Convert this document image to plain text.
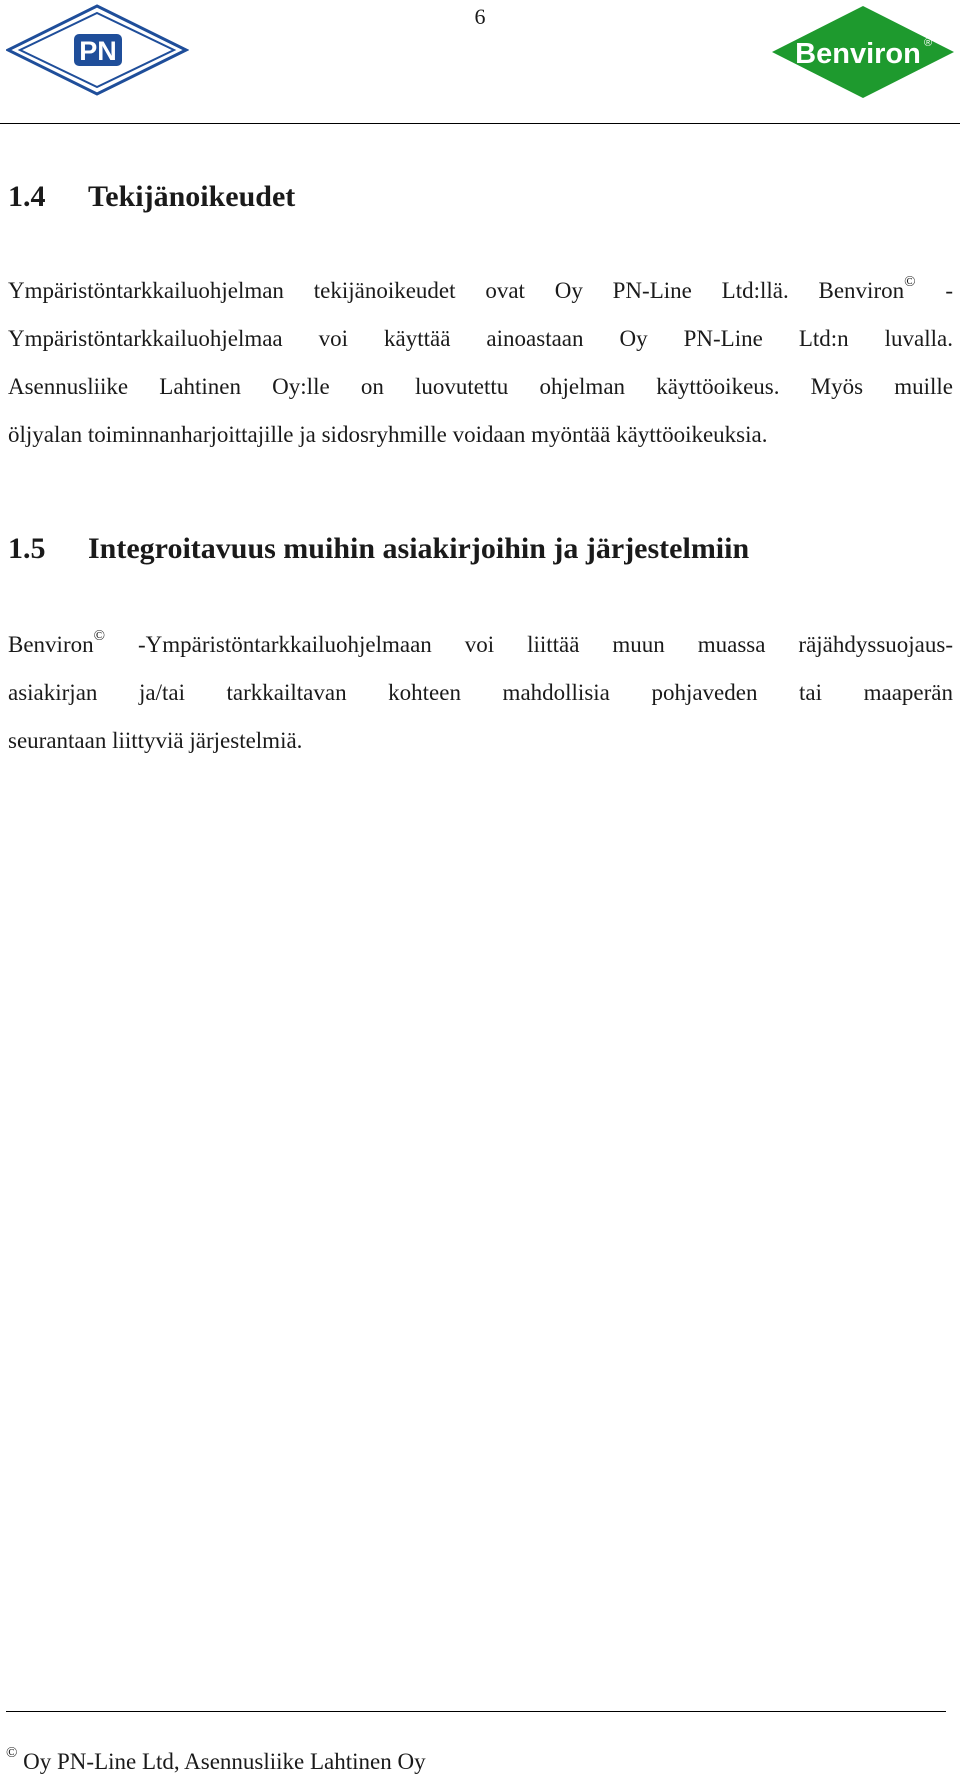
6
PN	Benviron ®
1.4 Tekijänoikeudet
Ympäristöntarkkailuohjelman tekijänoikeudet ovat Oy PN-Line Ltd:llä. Benviron© -
Ympäristöntarkkailuohjelmaa voi käyttää ainoastaan Oy PN-Line Ltd:n luvalla.
Asennusliike Lahtinen Oy:lle on luovutettu ohjelman käyttöoikeus. Myös muille
öljyalan toiminnanharjoittajille ja sidosryhmille voidaan myöntää käyttöoikeuksia.
1.5 Integroitavuus muihin asiakirjoihin ja järjestelmiin
Benviron© -Ympäristöntarkkailuohjelmaan voi liittää muun muassa räjähdyssuojaus-
asiakirjan ja/tai tarkkailtavan kohteen mahdollisia pohjaveden tai maaperän
seurantaan liittyviä järjestelmiä.
© Oy PN-Line Ltd, Asennusliike Lahtinen Oy
